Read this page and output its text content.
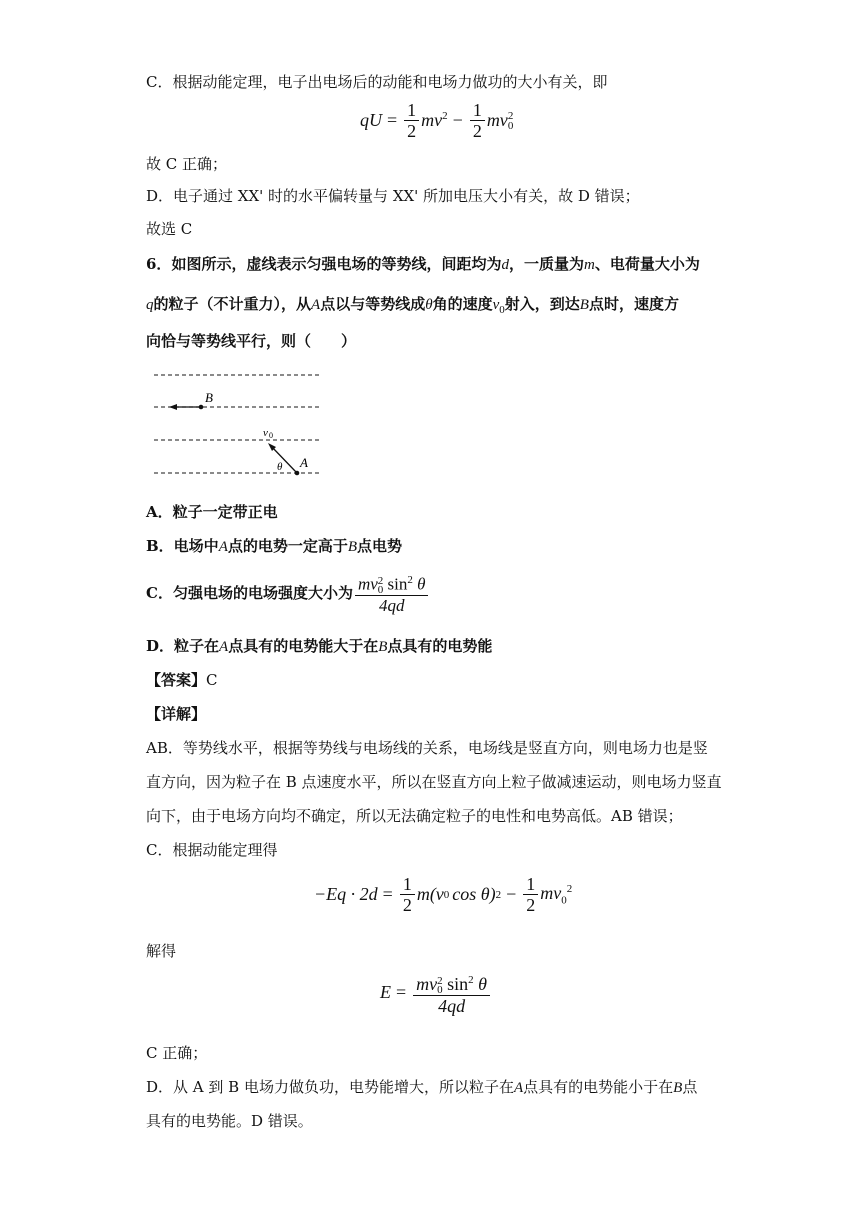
C．根据动能定理，电子出电场后的动能和电场力做功的大小有关，即
qU = $\frac{1}{2} mv^2 - \frac{1}{2}$ mv 2
0
故 C 正确；
D．电子通过 XX' 时的水平偏转量与 XX' 所加电压大小有关，故 D 错误；
故选 C
6．如图所示，虚线表示匀强电场的等势线，间距均为d，一质量为m、电荷量大小为
q的粒子（不计重力），从A点以与等势线成θ角的速度$v_0$射入，到达B点时，速度方
向恰与等势线平行，则（　　）
B
A
v 0
θ
A．粒子一定带正电
B．电场中A点的电势一定高于B点电势
C．匀强电场的电场强度大小为 mv 2
0 $\sin^2 \theta$
4qd
D．粒子在A点具有的电势能大于在B点具有的电势能
【答案】C
【详解】
AB．等势线水平，根据等势线与电场线的关系，电场线是竖直方向，则电场力也是竖
直方向，因为粒子在 B 点速度水平，所以在竖直方向上粒子做减速运动，则电场力竖直
向下，由于电场方向均不确定，所以无法确定粒子的电性和电势高低。AB 错误；
C．根据动能定理得
$-Eq \cdot 2d = \frac{1}{2}$ m (v 0 cos θ) $2 - \frac{1}{2} mv_0^2$
解得
E = mv 2
0 $\sin^2 \theta$
4qd
C 正确；
D．从 A 到 B 电场力做负功，电势能增大，所以粒子在A点具有的电势能小于在B点
具有的电势能。D 错误。
